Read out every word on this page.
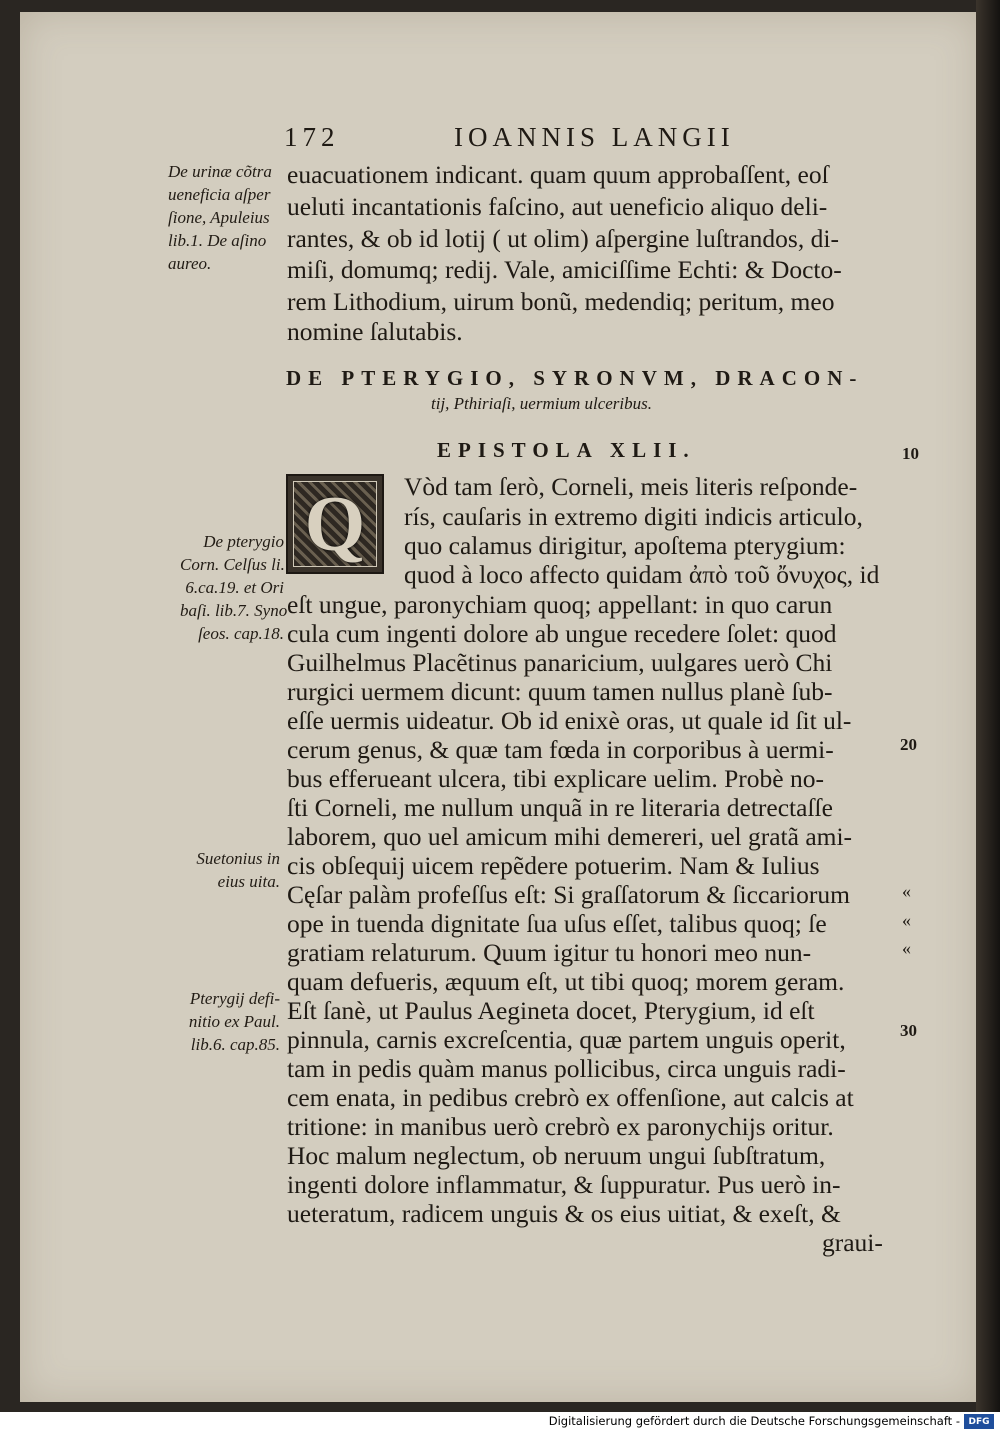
172	IOANNIS LANGII
euacuationem indicant. quam quum approbaſſent, eoſ
ueluti incantationis faſcino, aut ueneficio aliquo deli-
rantes, & ob id lotij ( ut olim) aſpergine luſtrandos, di-
miſi, domumq; redij. Vale, amiciſſime Echti: & Docto-
rem Lithodium, uirum bonũ, medendiq; peritum, meo
nomine ſalutabis.
De urinæ cõtra
ueneficia aſper
ſione, Apuleius
lib.1. De aſino
aureo.
De pterygio
Corn. Celſus li.
6.ca.19. et Ori
baſi. lib.7. Syno
ſeos. cap.18.
Suetonius in
eius uita.
Pterygij defi-
nitio ex Paul.
lib.6. cap.85.
DE PTERYGIO, SYRONVM, DRACON-
tij, Pthiriaſi, uermium ulceribus.
EPISTOLA XLII.
Q	Vòd tam ſerò, Corneli, meis literis reſponde-
rís, cauſaris in extremo digiti indicis articulo,
quo calamus dirigitur, apoſtema pterygium:
quod à loco affecto quidam ἀπὸ τοῦ ὄνυχος, id
eſt ungue, paronychiam quoq; appellant: in quo carun
cula cum ingenti dolore ab ungue recedere ſolet: quod
Guilhelmus Placẽtinus panaricium, uulgares uerò Chi
rurgici uermem dicunt: quum tamen nullus planè ſub-
eſſe uermis uideatur. Ob id enixè oras, ut quale id ſit ul-
cerum genus, & quæ tam fœda in corporibus à uermi-
bus efferueant ulcera, tibi explicare uelim. Probè no-
ſti Corneli, me nullum unquã in re literaria detrectaſſe
laborem, quo uel amicum mihi demereri, uel gratã ami-
cis obſequij uicem repẽdere potuerim. Nam & Iulius
Cęſar palàm profeſſus eſt: Si graſſatorum & ſiccariorum
ope in tuenda dignitate ſua uſus eſſet, talibus quoq; ſe
gratiam relaturum. Quum igitur tu honori meo nun-
quam defueris, æquum eſt, ut tibi quoq; morem geram.
Eſt ſanè, ut Paulus Aegineta docet, Pterygium, id eſt
pinnula, carnis excreſcentia, quæ partem unguis operit,
tam in pedis quàm manus pollicibus, circa unguis radi-
cem enata, in pedibus crebrò ex offenſione, aut calcis at
tritione: in manibus uerò crebrò ex paronychijs oritur.
Hoc malum neglectum, ob neruum ungui ſubſtratum,
ingenti dolore inflammatur, & ſuppuratur. Pus uerò in-
ueteratum, radicem unguis & os eius uitiat, & exeſt, &
graui-
10
20
30
«
«
«
Digitalisierung gefördert durch die Deutsche Forschungsgemeinschaft - DFG
